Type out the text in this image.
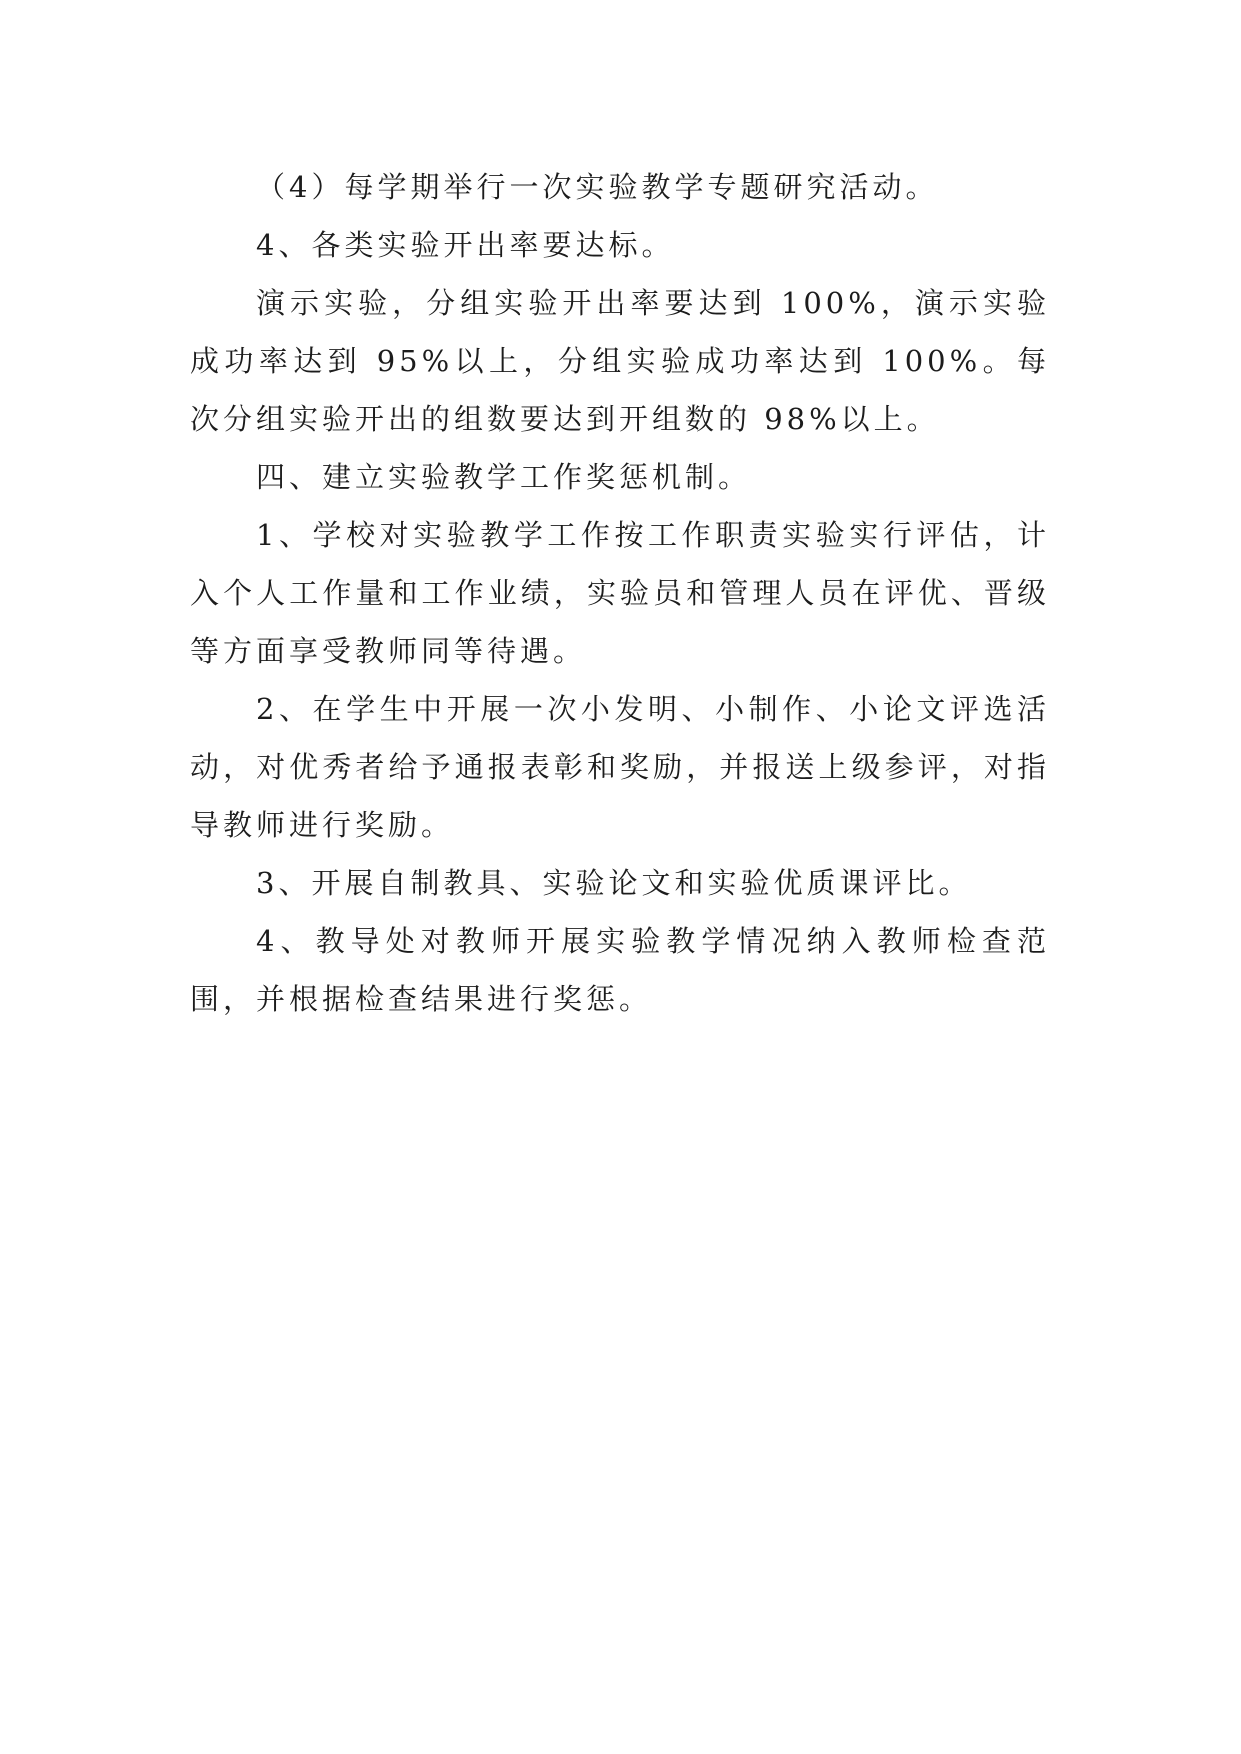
（4）每学期举行一次实验教学专题研究活动。

4、各类实验开出率要达标。

演示实验，分组实验开出率要达到 100%，演示实验成功率达到 95%以上，分组实验成功率达到 100%。每次分组实验开出的组数要达到开组数的 98%以上。

四、建立实验教学工作奖惩机制。

1、学校对实验教学工作按工作职责实验实行评估，计入个人工作量和工作业绩，实验员和管理人员在评优、晋级等方面享受教师同等待遇。

2、在学生中开展一次小发明、小制作、小论文评选活动，对优秀者给予通报表彰和奖励，并报送上级参评，对指导教师进行奖励。

3、开展自制教具、实验论文和实验优质课评比。

4、教导处对教师开展实验教学情况纳入教师检查范围，并根据检查结果进行奖惩。
